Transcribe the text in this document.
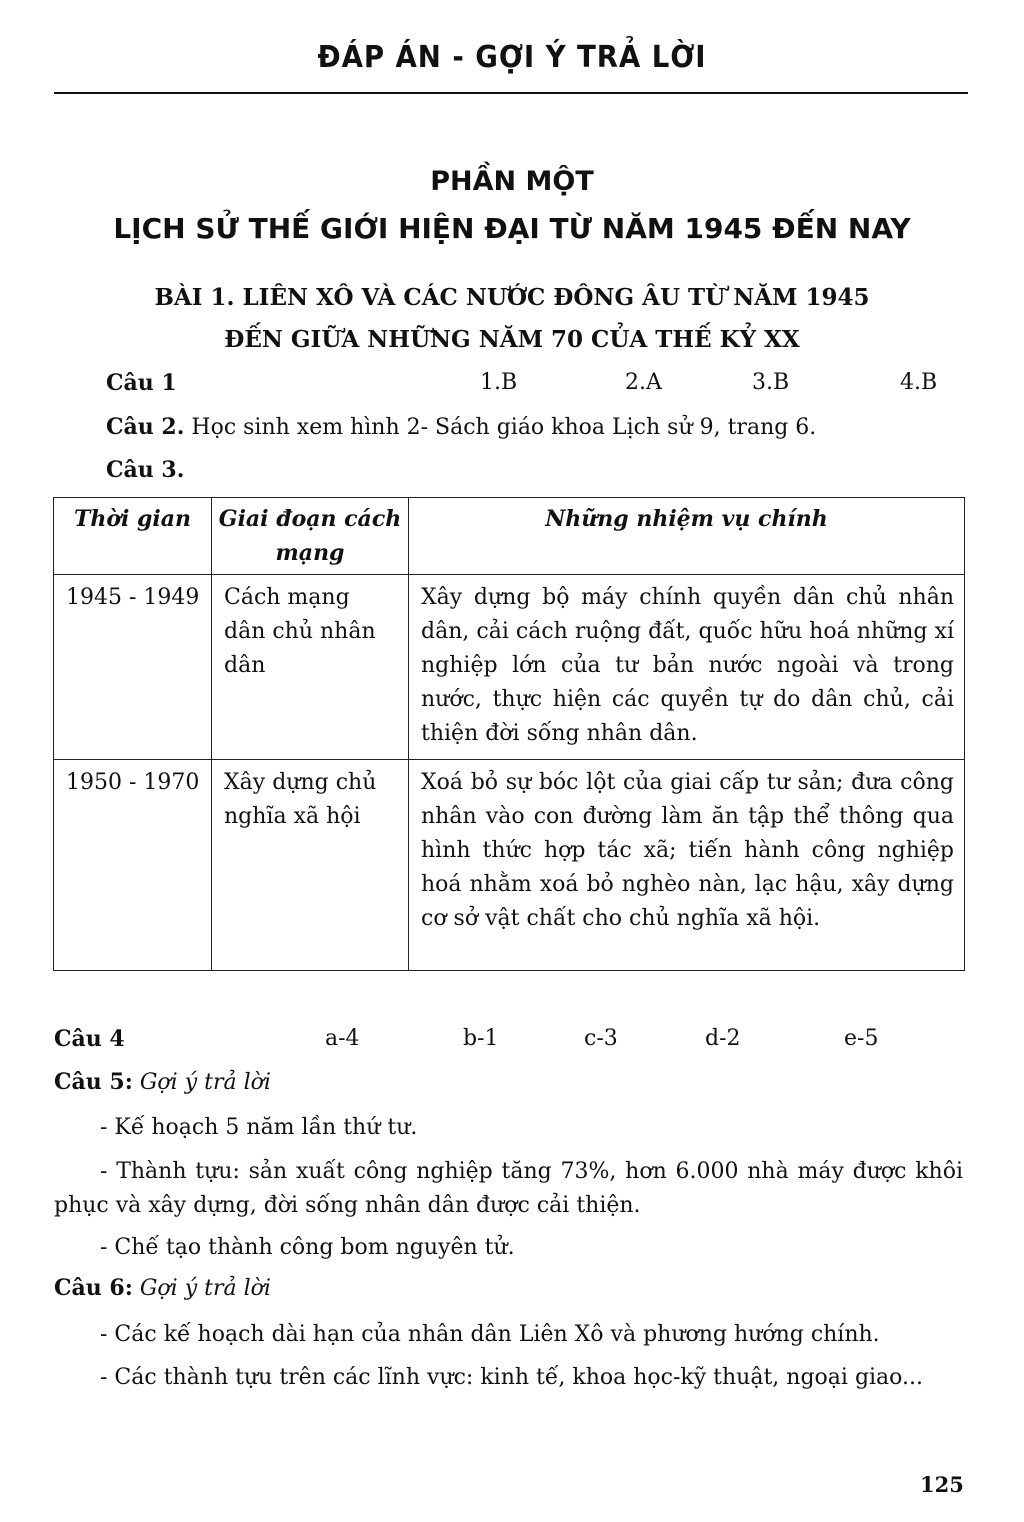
ĐÁP ÁN - GỢI Ý TRẢ LỜI
PHẦN MỘT
LỊCH SỬ THẾ GIỚI HIỆN ĐẠI TỪ NĂM 1945 ĐẾN NAY
BÀI 1. LIÊN XÔ VÀ CÁC NƯỚC ĐÔNG ÂU TỪ NĂM 1945
ĐẾN GIỮA NHỮNG NĂM 70 CỦA THẾ KỶ XX
Câu 1	1.B	2.A	3.B	4.B
Câu 2. Học sinh xem hình 2- Sách giáo khoa Lịch sử 9, trang 6.
Câu 3.
Thời gian	Giai đoạn cách mạng	Những nhiệm vụ chính
1945 - 1949	Cách mạng dân chủ nhân dân	Xây dựng bộ máy chính quyền dân chủ nhân dân, cải cách ruộng đất, quốc hữu hoá những xí nghiệp lớn của tư bản nước ngoài và trong nước, thực hiện các quyền tự do dân chủ, cải thiện đời sống nhân dân.
1950 - 1970	Xây dựng chủ nghĩa xã hội	Xoá bỏ sự bóc lột của giai cấp tư sản; đưa công nhân vào con đường làm ăn tập thể thông qua hình thức hợp tác xã; tiến hành công nghiệp hoá nhằm xoá bỏ nghèo nàn, lạc hậu, xây dựng cơ sở vật chất cho chủ nghĩa xã hội.
Câu 4	a-4	b-1	c-3	d-2	e-5
Câu 5: Gợi ý trả lời
- Kế hoạch 5 năm lần thứ tư.
- Thành tựu: sản xuất công nghiệp tăng 73%, hơn 6.000 nhà máy được khôi phục và xây dựng, đời sống nhân dân được cải thiện.
- Chế tạo thành công bom nguyên tử.
Câu 6: Gợi ý trả lời
- Các kế hoạch dài hạn của nhân dân Liên Xô và phương hướng chính.
- Các thành tựu trên các lĩnh vực: kinh tế, khoa học-kỹ thuật, ngoại giao...
125
